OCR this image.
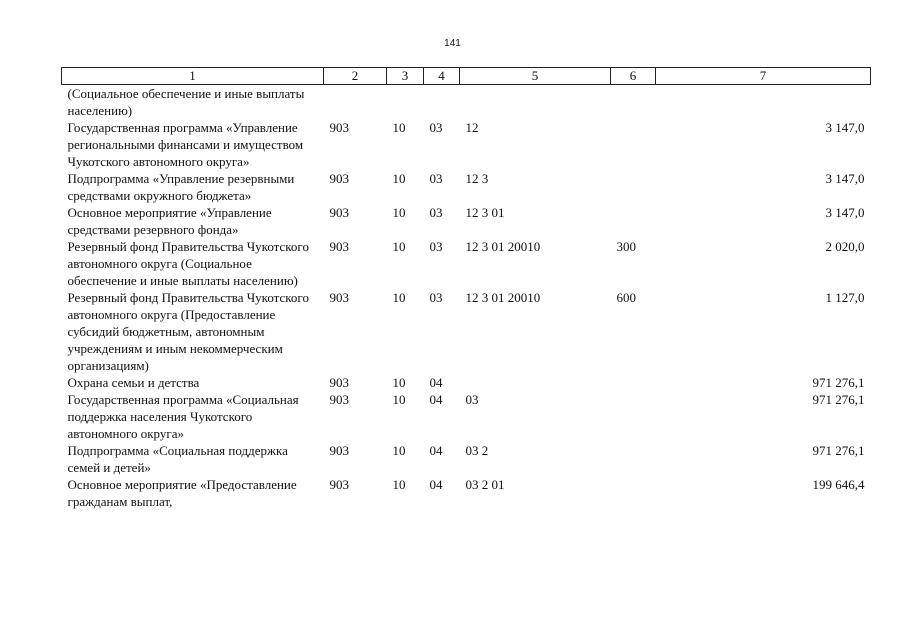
141
1	2	3	4	5	6	7
(Социальное обеспечение и иные выплаты населению)						
Государственная программа «Управление региональными финансами и имуществом Чукотского автономного округа»	903	10	03	12		3 147,0
Подпрограмма «Управление резервными средствами окружного бюджета»	903	10	03	12 3		3 147,0
Основное мероприятие «Управление средствами резервного фонда»	903	10	03	12 3 01		3 147,0
Резервный фонд Правительства Чукотского автономного округа (Социальное обеспечение и иные выплаты населению)	903	10	03	12 3 01 20010	300	2 020,0
Резервный фонд Правительства Чукотского автономного округа (Предоставление субсидий бюджетным, автономным учреждениям и иным некоммерческим организациям)	903	10	03	12 3 01 20010	600	1 127,0
Охрана семьи и детства	903	10	04			971 276,1
Государственная программа «Социальная поддержка населения Чукотского автономного округа»	903	10	04	03		971 276,1
Подпрограмма «Социальная поддержка семей и детей»	903	10	04	03 2		971 276,1
Основное мероприятие «Предоставление гражданам выплат,	903	10	04	03 2 01		199 646,4
